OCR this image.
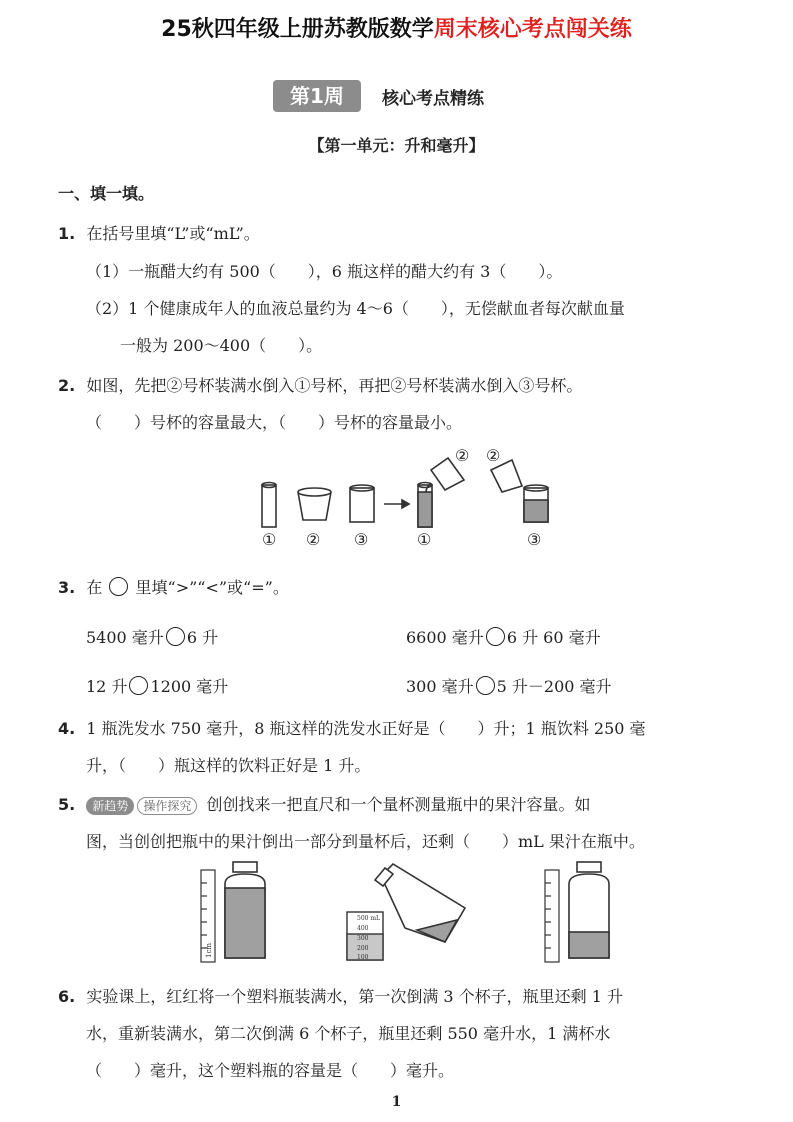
25秋四年级上册苏教版数学周末核心考点闯关练
第1周	核心考点精练
【第一单元：升和毫升】
一、填一填。
1. 在括号里填“L”或“mL”。
（1）一瓶醋大约有 500（　　），6 瓶这样的醋大约有 3（　　）。
（2）1 个健康成年人的血液总量约为 4～6（　　），无偿献血者每次献血量
一般为 200～400（　　）。
2. 如图，先把②号杯装满水倒入①号杯，再把②号杯装满水倒入③号杯。
（　　）号杯的容量最大，（　　）号杯的容量最小。
① ② ③	①	③
② ②
3. 在 里填“>”“<”或“=”。
5400 毫升 6 升	6600 毫升 6 升 60 毫升
12 升 1200 毫升	300 毫升 5 升－200 毫升
4. 1 瓶洗发水 750 毫升，8 瓶这样的洗发水正好是（　　）升；1 瓶饮料 250 毫
升，（　　）瓶这样的饮料正好是 1 升。
5. 新趋势 操作探究 创创找来一把直尺和一个量杯测量瓶中的果汁容量。如
图，当创创把瓶中的果汁倒出一部分到量杯后，还剩（　　）mL 果汁在瓶中。
1cm
500 mL
400
300
200
100
6. 实验课上，红红将一个塑料瓶装满水，第一次倒满 3 个杯子，瓶里还剩 1 升
水，重新装满水，第二次倒满 6 个杯子，瓶里还剩 550 毫升水，1 满杯水
（　　）毫升，这个塑料瓶的容量是（　　）毫升。
1
